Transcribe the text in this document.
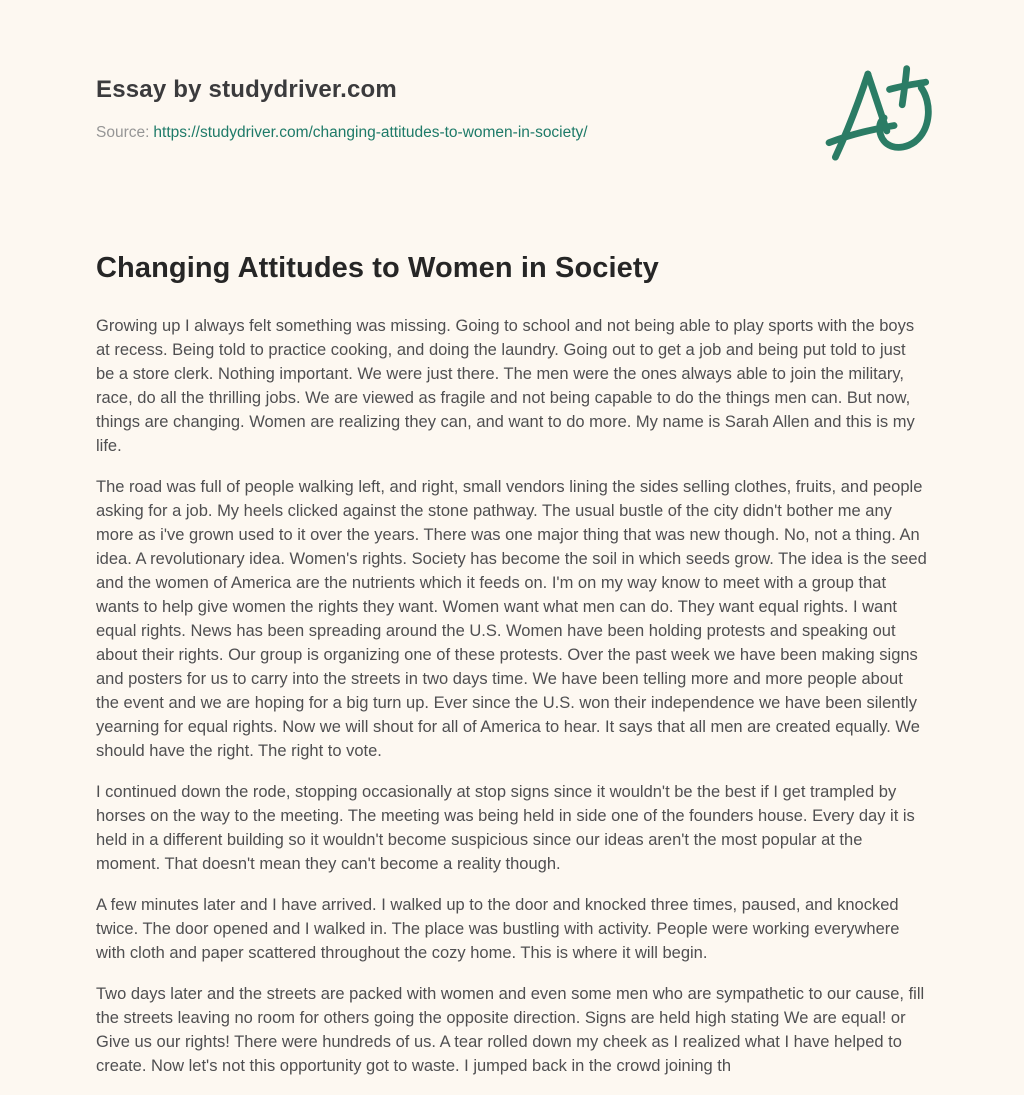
Essay by studydriver.com
Source: https://studydriver.com/changing-attitudes-to-women-in-society/
Changing Attitudes to Women in Society

Growing up I always felt something was missing. Going to school and not being able to play sports with the boys at recess. Being told to practice cooking, and doing the laundry. Going out to get a job and being put told to just be a store clerk. Nothing important. We were just there. The men were the ones always able to join the military, race, do all the thrilling jobs. We are viewed as fragile and not being capable to do the things men can. But now, things are changing. Women are realizing they can, and want to do more. My name is Sarah Allen and this is my life.

The road was full of people walking left, and right, small vendors lining the sides selling clothes, fruits, and people asking for a job. My heels clicked against the stone pathway. The usual bustle of the city didn't bother me any more as i've grown used to it over the years. There was one major thing that was new though. No, not a thing. An idea. A revolutionary idea. Women's rights. Society has become the soil in which seeds grow. The idea is the seed and the women of America are the nutrients which it feeds on. I'm on my way know to meet with a group that wants to help give women the rights they want. Women want what men can do. They want equal rights. I want equal rights. News has been spreading around the U.S. Women have been holding protests and speaking out about their rights. Our group is organizing one of these protests. Over the past week we have been making signs and posters for us to carry into the streets in two days time. We have been telling more and more people about the event and we are hoping for a big turn up. Ever since the U.S. won their independence we have been silently yearning for equal rights. Now we will shout for all of America to hear. It says that all men are created equally. We should have the right. The right to vote.

I continued down the rode, stopping occasionally at stop signs since it wouldn't be the best if I get trampled by horses on the way to the meeting. The meeting was being held in side one of the founders house. Every day it is held in a different building so it wouldn't become suspicious since our ideas aren't the most popular at the moment. That doesn't mean they can't become a reality though.

A few minutes later and I have arrived. I walked up to the door and knocked three times, paused, and knocked twice. The door opened and I walked in. The place was bustling with activity. People were working everywhere with cloth and paper scattered throughout the cozy home. This is where it will begin.

Two days later and the streets are packed with women and even some men who are sympathetic to our cause, fill the streets leaving no room for others going the opposite direction. Signs are held high stating We are equal! or Give us our rights! There were hundreds of us. A tear rolled down my cheek as I realized what I have helped to create. Now let's not this opportunity got to waste. I jumped back in the crowd joining th
